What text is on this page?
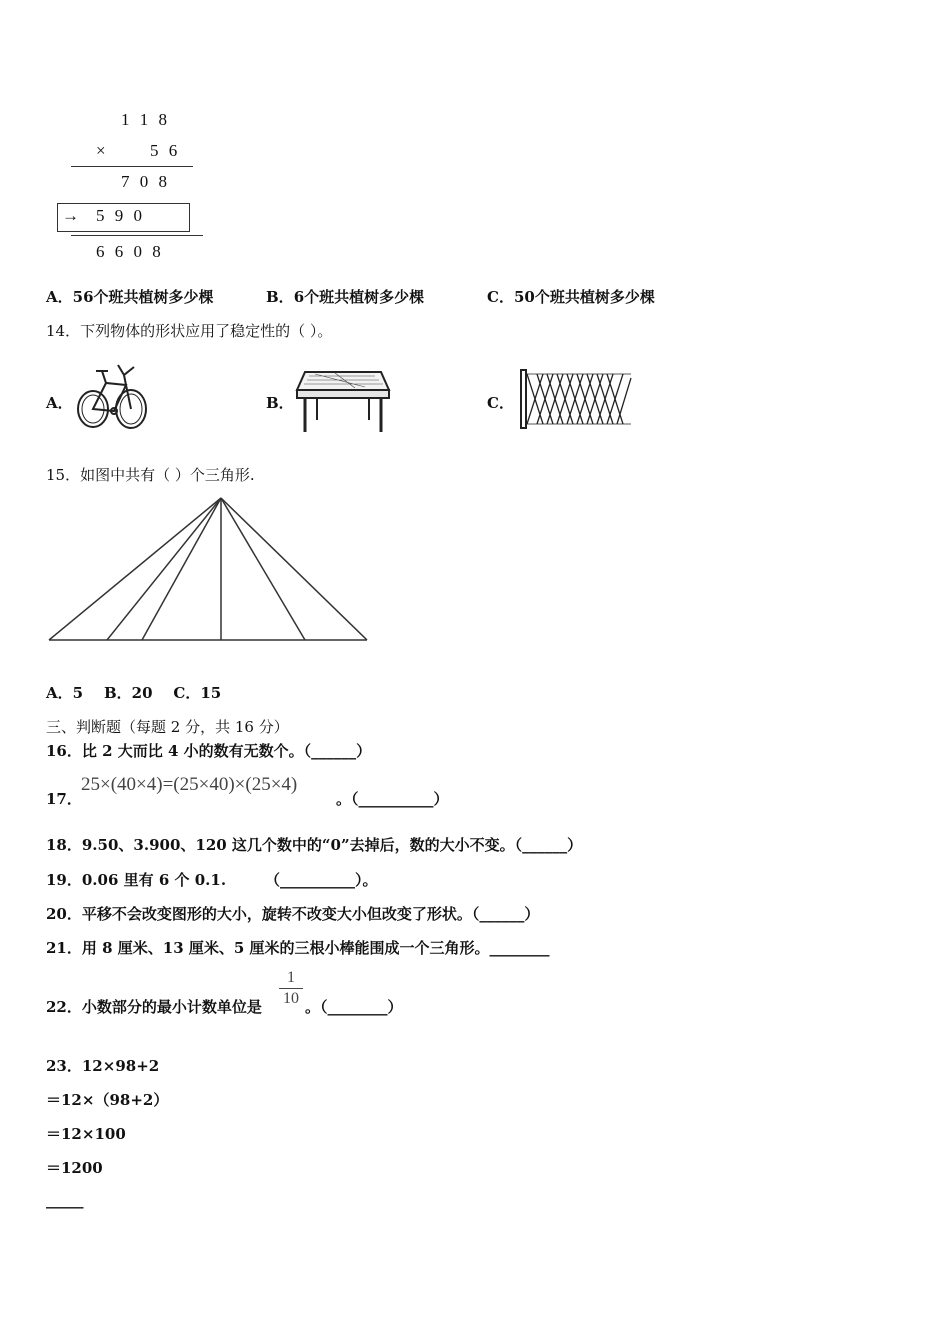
1 1 8
× 5 6
7 0 8
→ 5 9 0
6 6 0 8
A．56个班共植树多少棵	B．6个班共植树多少棵	C．50个班共植树多少棵
14．下列物体的形状应用了稳定性的（ ）。
A．	B．	C．
15．如图中共有（ ）个三角形.
A．5    B．20    C．15
三、判断题（每题 2 分，共 16 分）
16．比 2 大而比 4 小的数有无数个。（______）
17．
25×(40×4)=(25×40)×(25×4)
。（__________）
18．9.50、3.900、120 这几个数中的“0”去掉后，数的大小不变。（______）
19．0.06 里有 6 个 0.1.	（__________）。
20．平移不会改变图形的大小，旋转不改变大小但改变了形状。（______）
21．用 8 厘米、13 厘米、5 厘米的三根小棒能围成一个三角形。________
22．小数部分的最小计数单位是
1
10 。（________）
23．12×98+2
＝12×（98+2）
＝12×100
＝1200
_____
